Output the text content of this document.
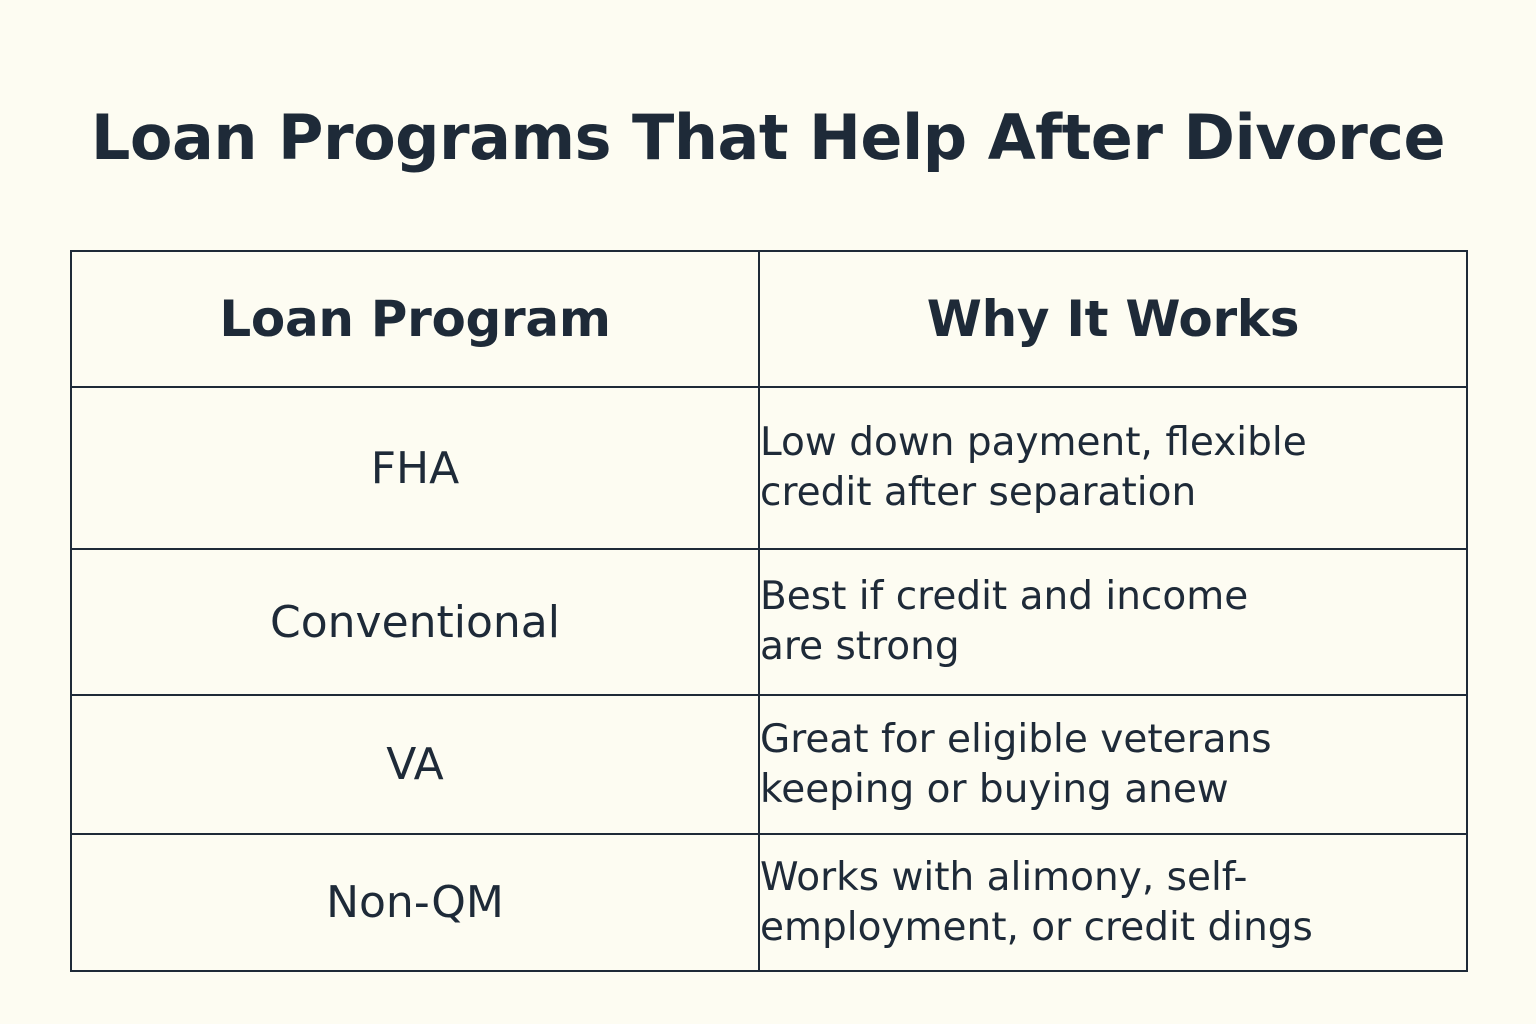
Loan Programs That Help After Divorce
Loan Program	Why It Works
FHA	Low down payment, flexible
credit after separation

Conventional	Best if credit and income
are strong

VA	Great for eligible veterans
keeping or buying anew

Non-QM	Works with alimony, self-
employment, or credit dings
